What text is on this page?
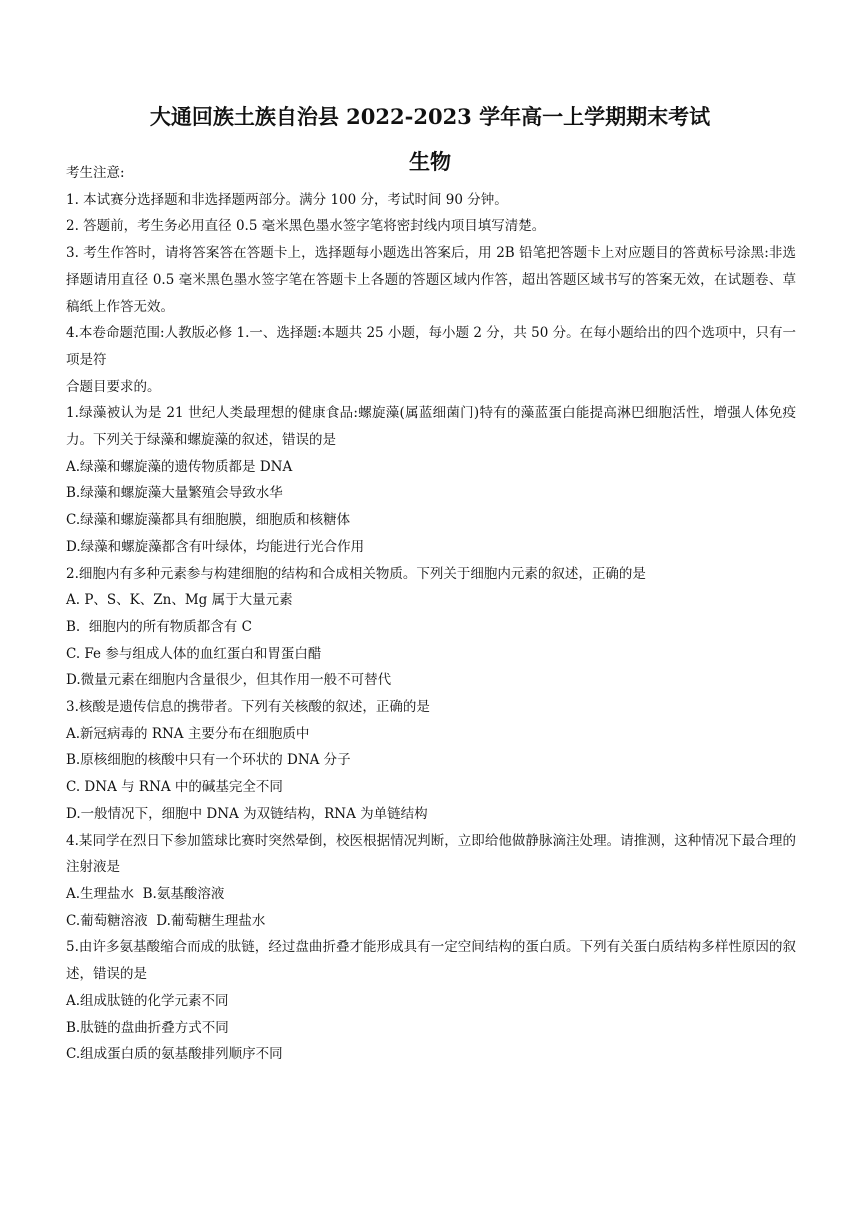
大通回族土族自治县 2022-2023 学年高一上学期期末考试
生物

考生注意:

1. 本试赛分选择题和非选择题两部分。满分 100 分，考试时间 90 分钟。

2. 答题前，考生务必用直径 0.5 毫米黑色墨水签字笔将密封线内项目填写清楚。

3. 考生作答时，请将答案答在答题卡上，选择题每小题选出答案后，用 2B 铅笔把答题卡上对应题目的答黄标号涂黑:非选择题请用直径 0.5 毫米黑色墨水签字笔在答题卡上各题的答题区域内作答，超出答题区域书写的答案无效，在试题卷、草稿纸上作答无效。

4.本卷命题范围:人教版必修 1.一、选择题:本题共 25 小题，每小题 2 分，共 50 分。在每小题给出的四个选项中，只有一项是符

合题目要求的。

1.绿藻被认为是 21 世纪人类最理想的健康食品:螺旋藻(属蓝细菌门)特有的藻蓝蛋白能提高淋巴细胞活性，增强人体免疫力。下列关于绿藻和螺旋藻的叙述，错误的是

A.绿藻和螺旋藻的遗传物质都是 DNA

B.绿藻和螺旋藻大量繁殖会导致水华

C.绿藻和螺旋藻都具有细胞膜，细胞质和核糖体

D.绿藻和螺旋藻都含有叶绿体，均能进行光合作用

2.细胞内有多种元素参与构建细胞的结构和合成相关物质。下列关于细胞内元素的叙述，正确的是

A. P、S、K、Zn、Mg 属于大量元素

B.  细胞内的所有物质都含有 C

C. Fe 参与组成人体的血红蛋白和胃蛋白醋

D.微量元素在细胞内含量很少，但其作用一般不可替代

3.核酸是遗传信息的携带者。下列有关核酸的叙述，正确的是

A.新冠病毒的 RNA 主要分布在细胞质中

B.原核细胞的核酸中只有一个环状的 DNA 分子

C. DNA 与 RNA 中的碱基完全不同

D.一般情况下，细胞中 DNA 为双链结构，RNA 为单链结构

4.某同学在烈日下参加篮球比赛时突然晕倒，校医根据情况判断，立即给他做静脉滴注处理。请推测，这种情况下最合理的注射液是

A.生理盐水  B.氨基酸溶液

C.葡萄糖溶液  D.葡萄糖生理盐水

5.由许多氨基酸缩合而成的肽链，经过盘曲折叠才能形成具有一定空间结构的蛋白质。下列有关蛋白质结构多样性原因的叙述，错误的是

A.组成肽链的化学元素不同

B.肽链的盘曲折叠方式不同

C.组成蛋白质的氨基酸排列顺序不同
